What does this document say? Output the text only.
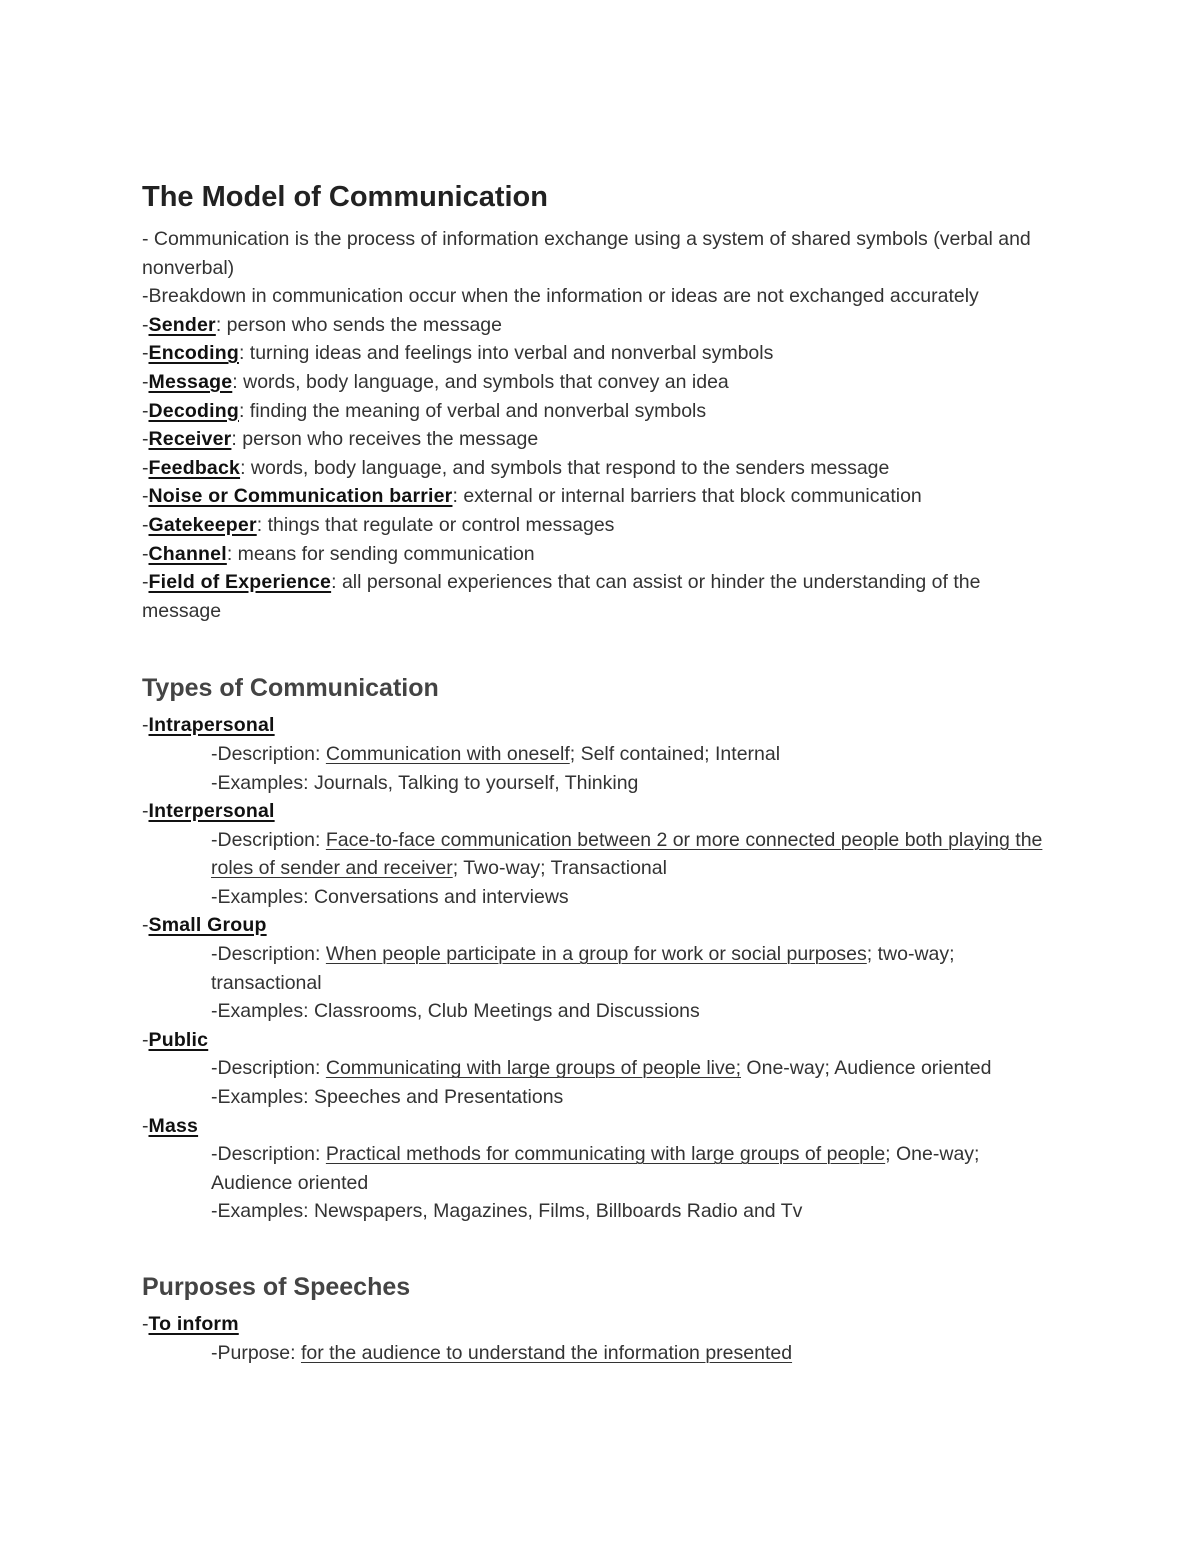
The Model of Communication
- Communication is the process of information exchange using a system of shared symbols (verbal and nonverbal)
-Breakdown in communication occur when the information or ideas are not exchanged accurately
-Sender: person who sends the message
-Encoding: turning ideas and feelings into verbal and nonverbal symbols
-Message: words, body language, and symbols that convey an idea
-Decoding: finding the meaning of verbal and nonverbal symbols
-Receiver: person who receives the message
-Feedback: words, body language, and symbols that respond to the senders message
-Noise or Communication barrier: external or internal barriers that block communication
-Gatekeeper: things that regulate or control messages
-Channel: means for sending communication
-Field of Experience: all personal experiences that can assist or hinder the understanding of the message
Types of Communication
-Intrapersonal
-Description: Communication with oneself; Self contained; Internal
-Examples: Journals, Talking to yourself, Thinking
-Interpersonal
-Description: Face-to-face communication between 2 or more connected people both playing the roles of sender and receiver; Two-way; Transactional
-Examples: Conversations and interviews
-Small Group
-Description: When people participate in a group for work or social purposes; two-way; transactional
-Examples: Classrooms, Club Meetings and Discussions
-Public
-Description: Communicating with large groups of people live; One-way; Audience oriented
-Examples: Speeches and Presentations
-Mass
-Description: Practical methods for communicating with large groups of people; One-way; Audience oriented
-Examples: Newspapers, Magazines, Films, Billboards Radio and Tv
Purposes of Speeches
-To inform
-Purpose: for the audience to understand the information presented
